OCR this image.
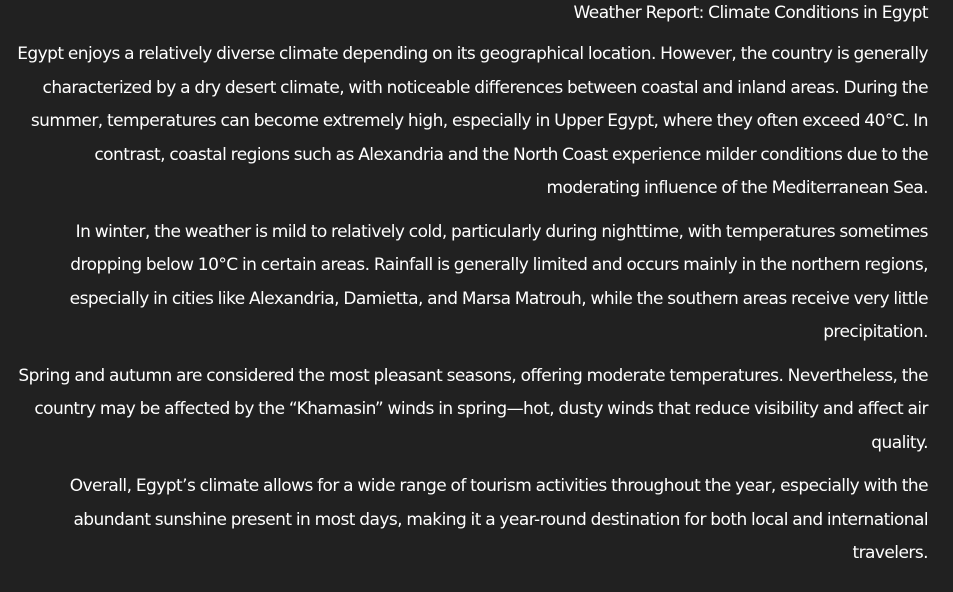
Weather Report: Climate Conditions in Egypt

Egypt enjoys a relatively diverse climate depending on its geographical location. However, the country is generally characterized by a dry desert climate, with noticeable differences between coastal and inland areas. During the summer, temperatures can become extremely high, especially in Upper Egypt, where they often exceed 40°C. In contrast, coastal regions such as Alexandria and the North Coast experience milder conditions due to the moderating influence of the Mediterranean Sea.

In winter, the weather is mild to relatively cold, particularly during nighttime, with temperatures sometimes dropping below 10°C in certain areas. Rainfall is generally limited and occurs mainly in the northern regions, especially in cities like Alexandria, Damietta, and Marsa Matrouh, while the southern areas receive very little precipitation.

Spring and autumn are considered the most pleasant seasons, offering moderate temperatures. Nevertheless, the country may be affected by the “Khamasin” winds in spring—hot, dusty winds that reduce visibility and affect air quality.

Overall, Egypt’s climate allows for a wide range of tourism activities throughout the year, especially with the abundant sunshine present in most days, making it a year-round destination for both local and international travelers.
